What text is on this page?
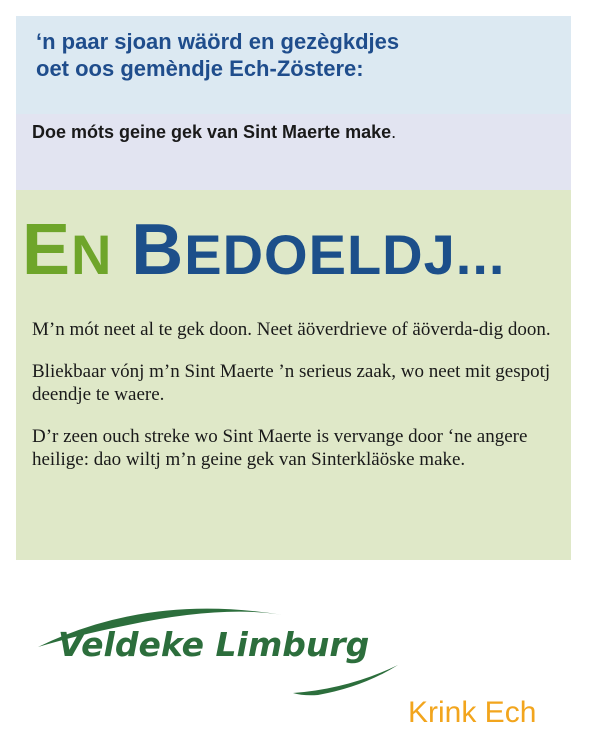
‘n paar sjoan wäörd en gezègkdjes
oet oos gemèndje Ech-Zöstere:

Doe móts geine gek van Sint Maerte make.

EN BEDOELDJ...

M’n mót neet al te gek doon. Neet äöverdrieve of äöverda-dig doon.

Bliekbaar vónj m’n Sint Maerte ’n serieus zaak, wo neet mit gespotj deendje te waere.

D’r zeen ouch streke wo Sint Maerte is vervange door ‘ne angere heilige: dao wiltj m’n geine gek van Sinterkläöske make.

Veldeke Limburg

Krink Ech
